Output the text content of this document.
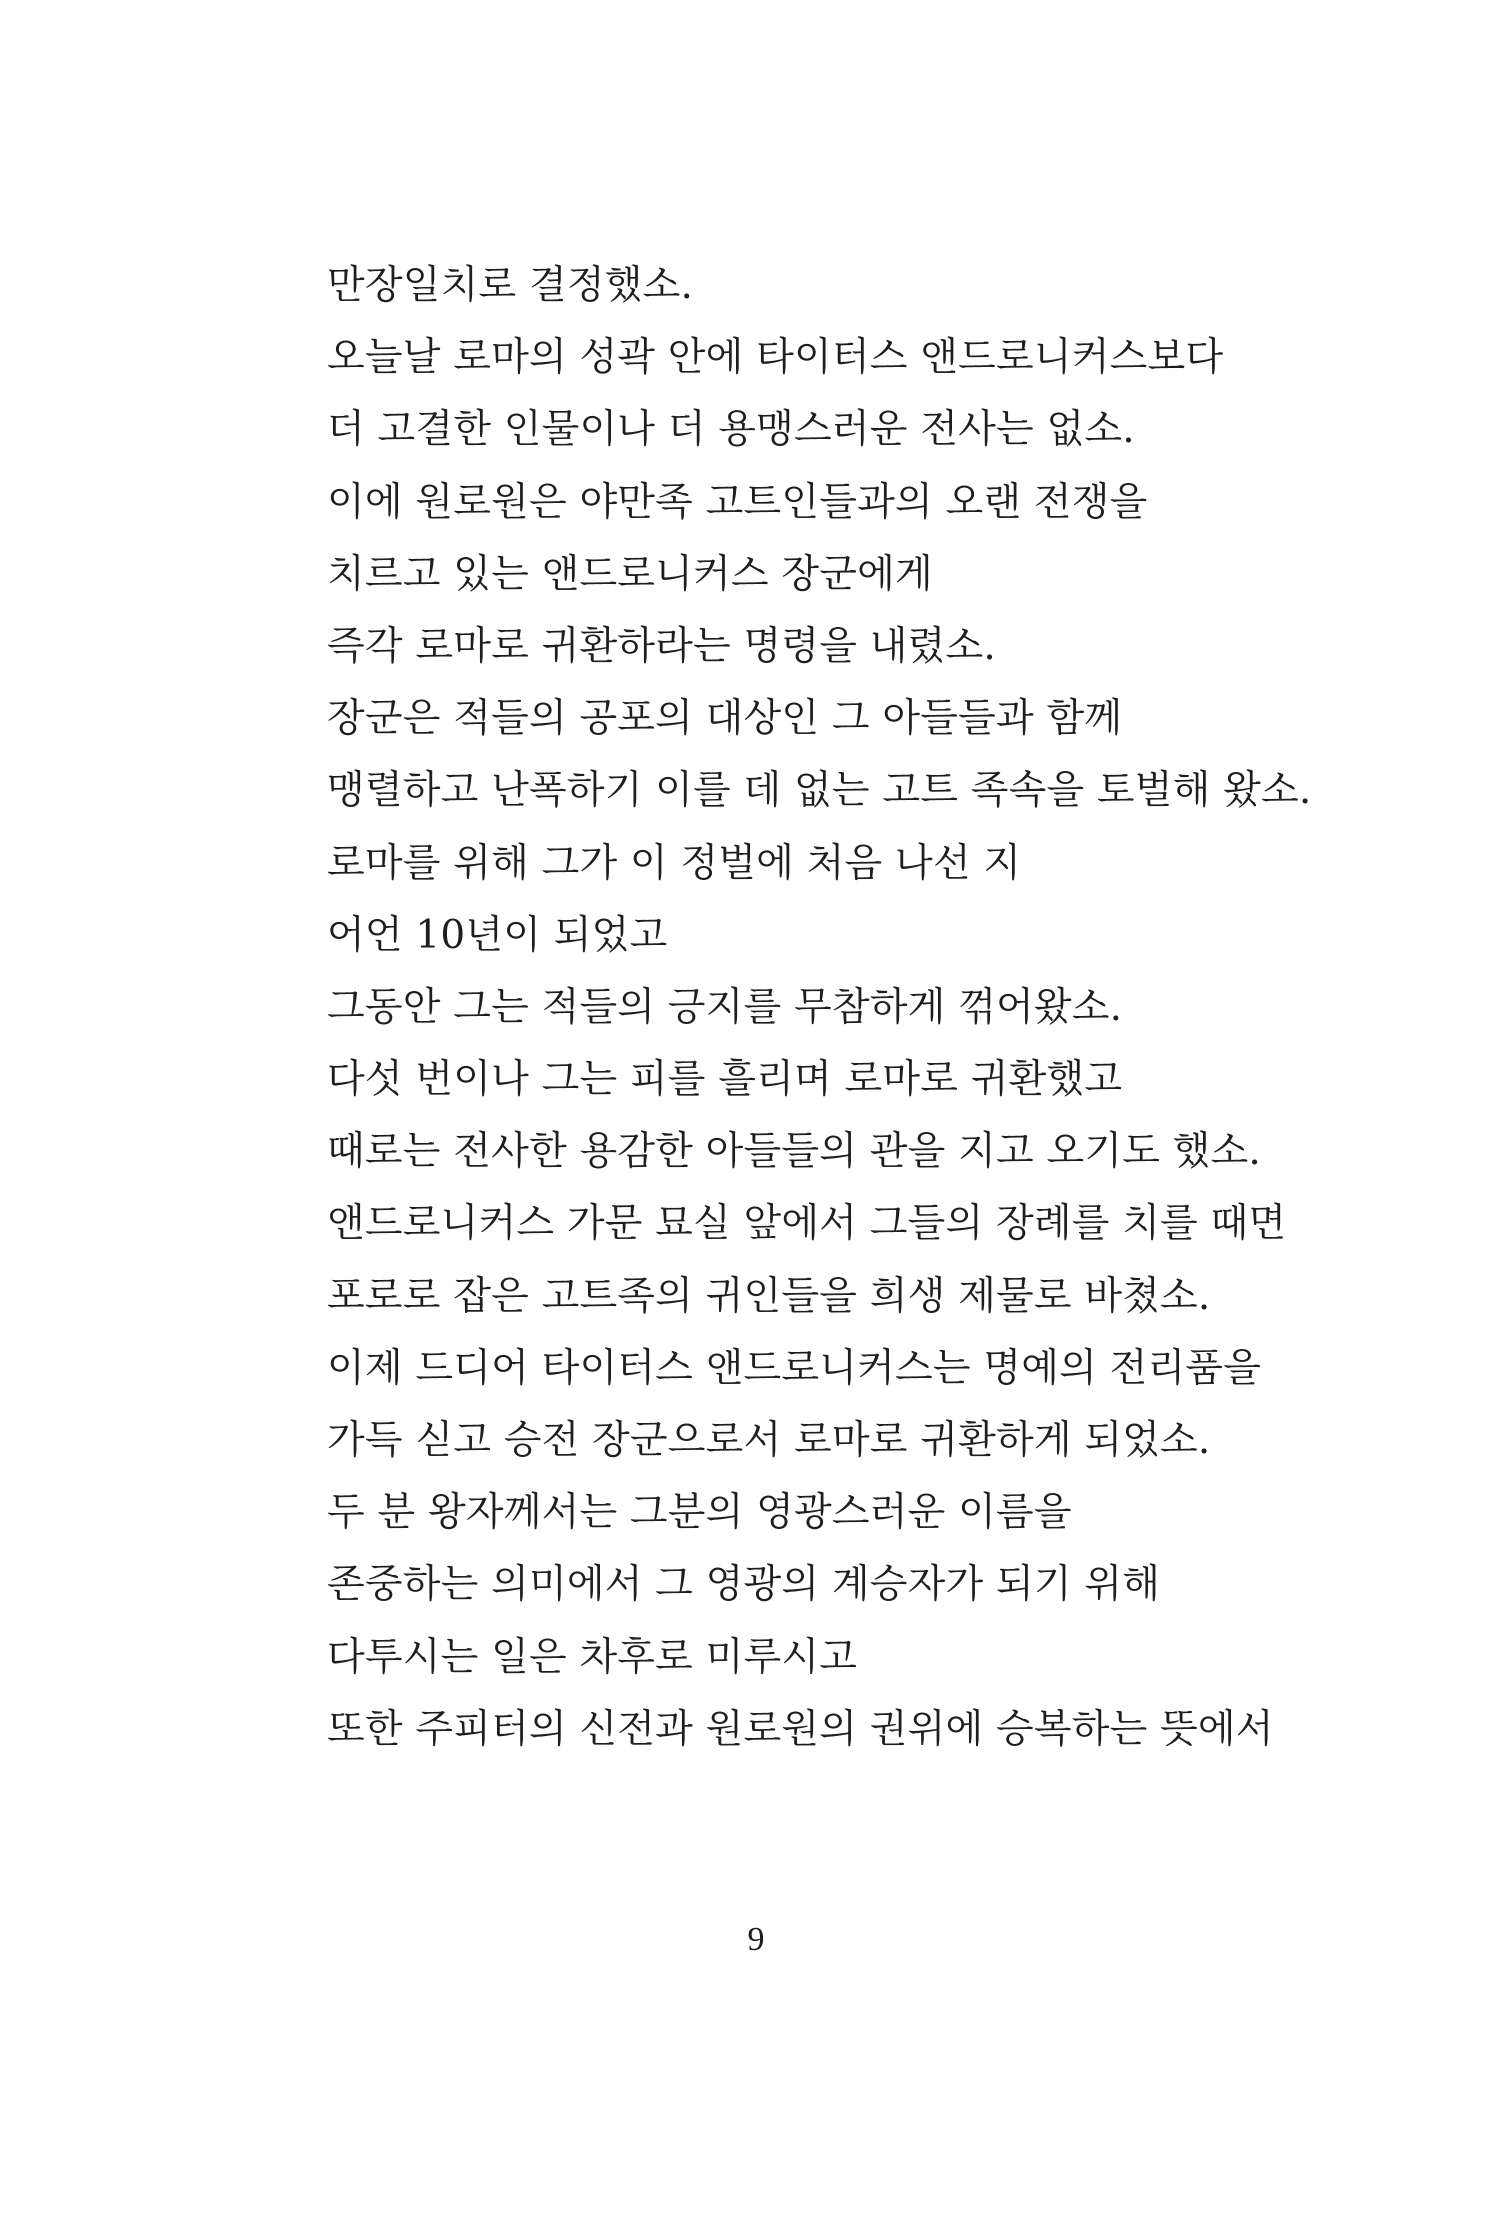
만장일치로 결정했소.
오늘날 로마의 성곽 안에 타이터스 앤드로니커스보다
더 고결한 인물이나 더 용맹스러운 전사는 없소.
이에 원로원은 야만족 고트인들과의 오랜 전쟁을
치르고 있는 앤드로니커스 장군에게
즉각 로마로 귀환하라는 명령을 내렸소.
장군은 적들의 공포의 대상인 그 아들들과 함께
맹렬하고 난폭하기 이를 데 없는 고트 족속을 토벌해 왔소.
로마를 위해 그가 이 정벌에 처음 나선 지
어언 10년이 되었고
그동안 그는 적들의 긍지를 무참하게 꺾어왔소.
다섯 번이나 그는 피를 흘리며 로마로 귀환했고
때로는 전사한 용감한 아들들의 관을 지고 오기도 했소.
앤드로니커스 가문 묘실 앞에서 그들의 장례를 치를 때면
포로로 잡은 고트족의 귀인들을 희생 제물로 바쳤소.
이제 드디어 타이터스 앤드로니커스는 명예의 전리품을
가득 싣고 승전 장군으로서 로마로 귀환하게 되었소.
두 분 왕자께서는 그분의 영광스러운 이름을
존중하는 의미에서 그 영광의 계승자가 되기 위해
다투시는 일은 차후로 미루시고
또한 주피터의 신전과 원로원의 권위에 승복하는 뜻에서
9
